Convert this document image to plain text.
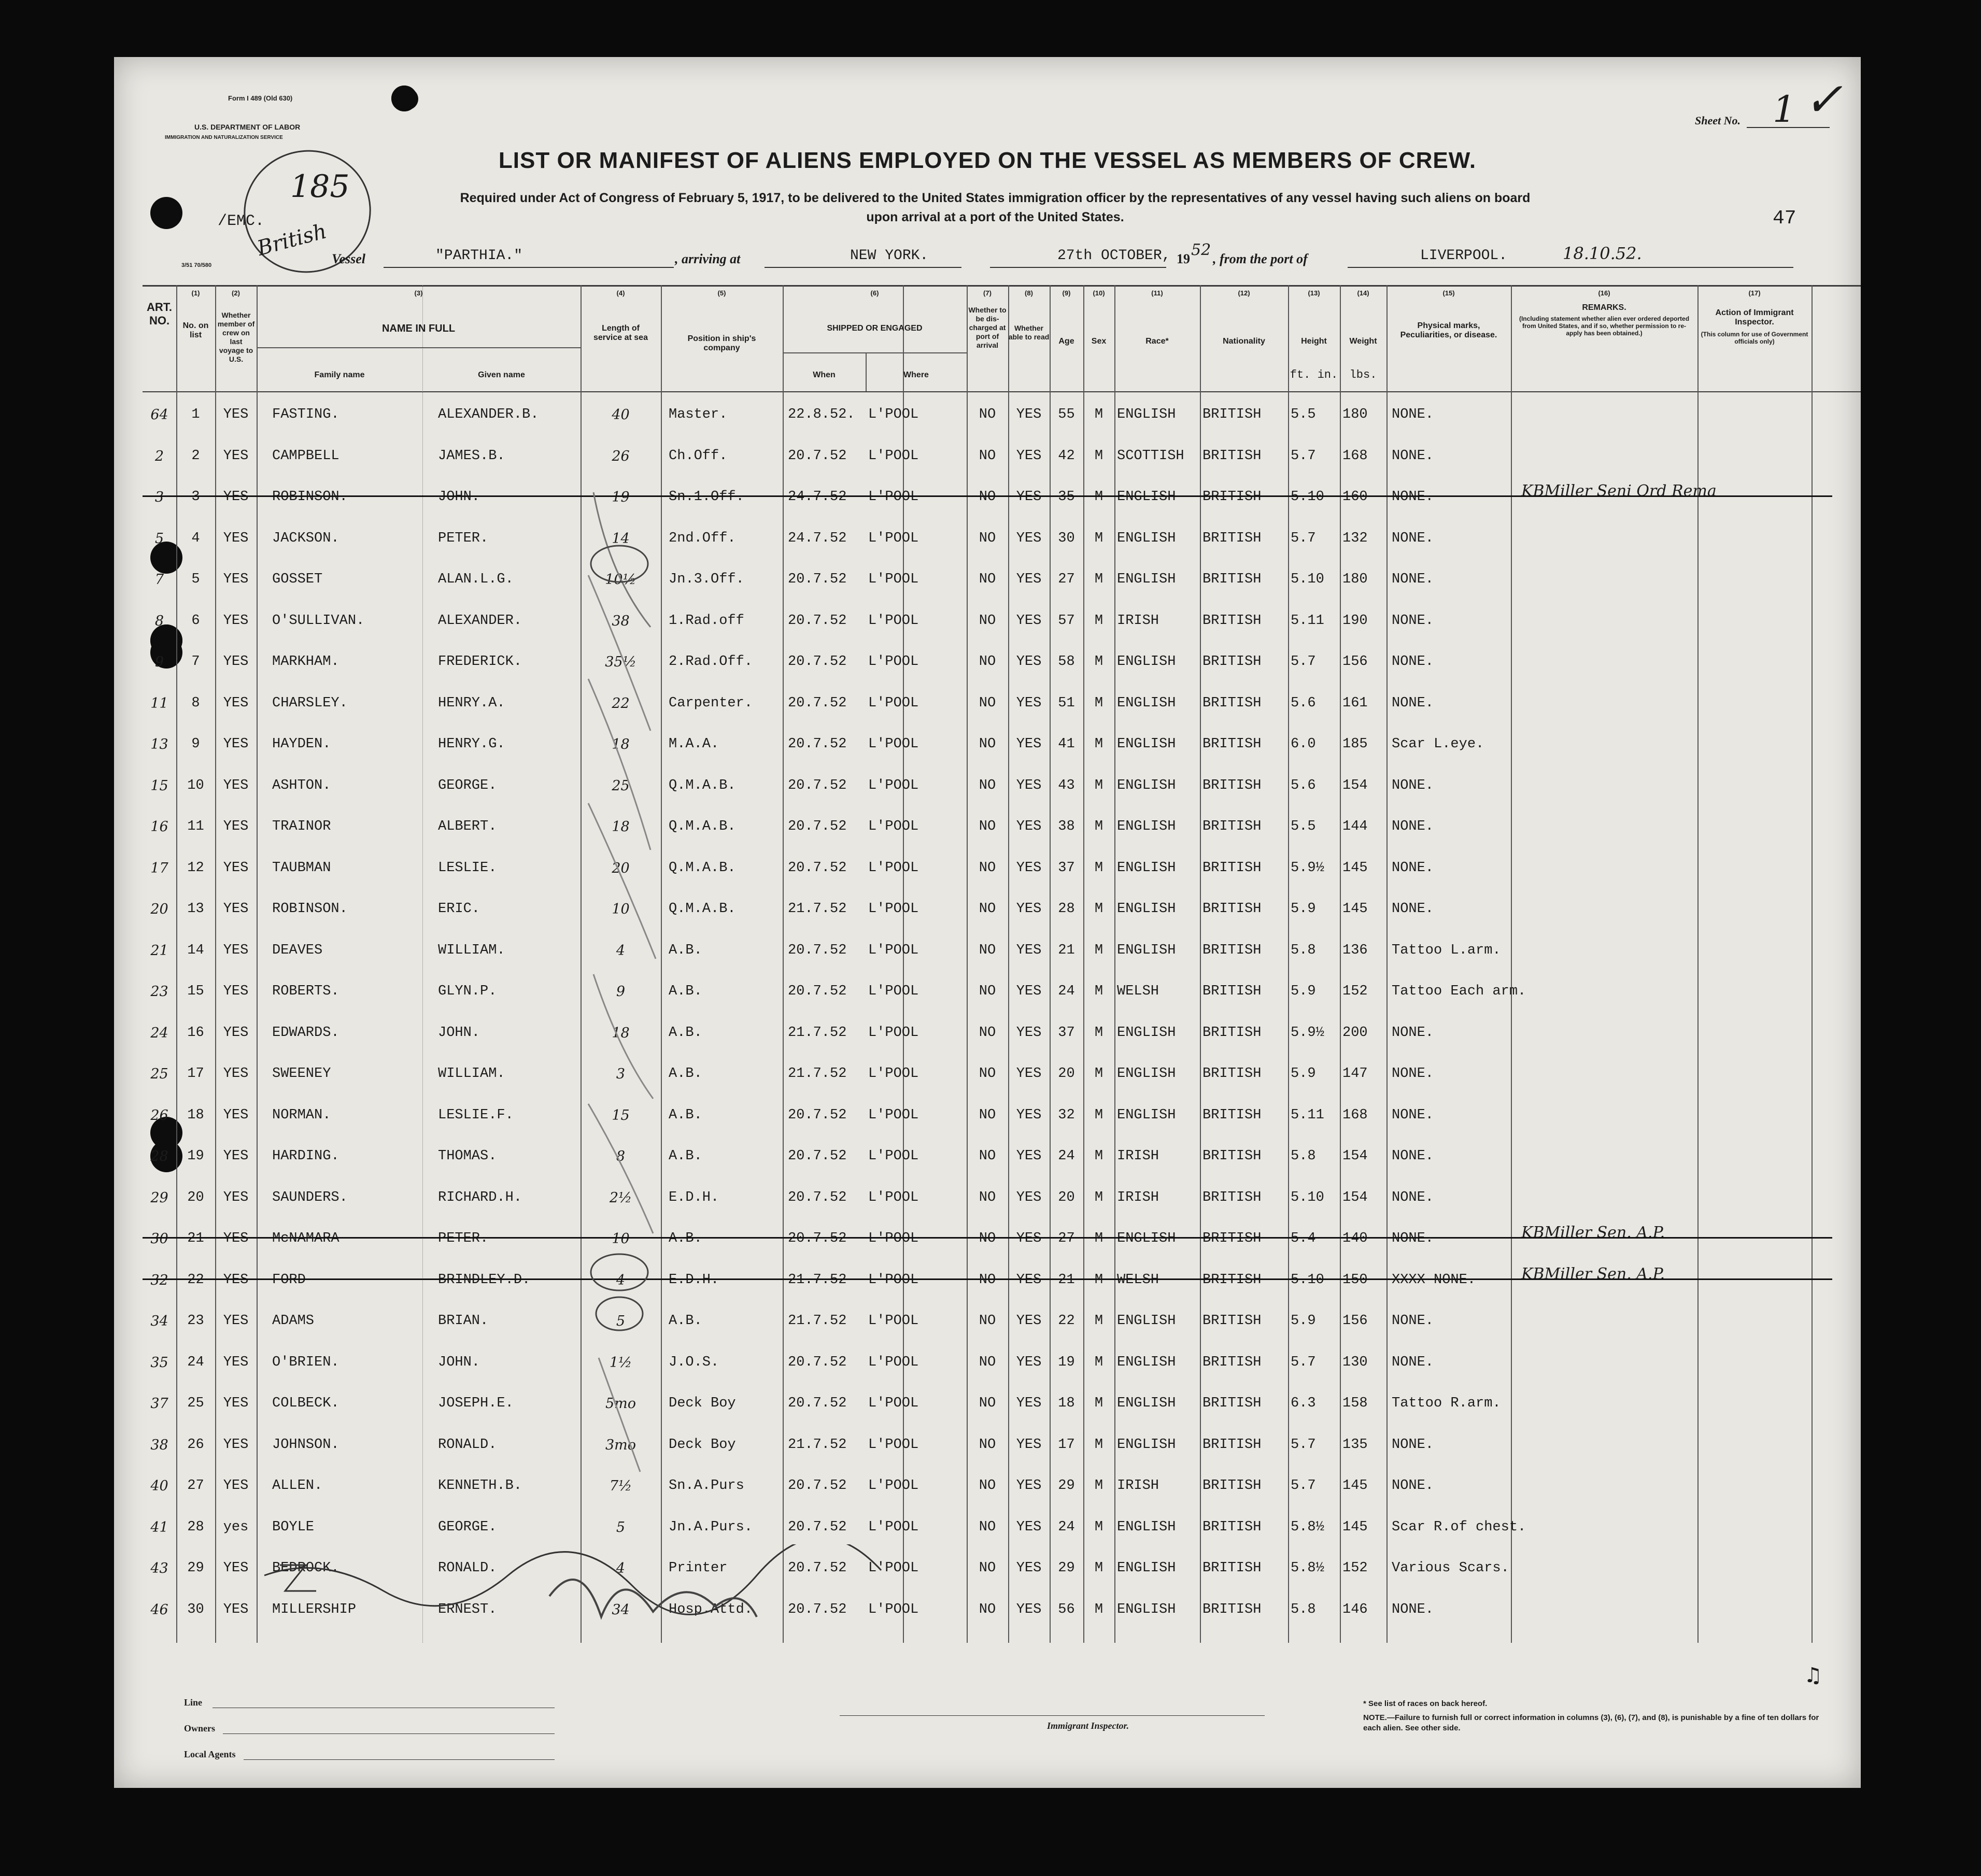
Form I 489 (Old 630)
U.S. DEPARTMENT OF LABOR
IMMIGRATION AND NATURALIZATION SERVICE
3/51 70/580
/EMC.
185
British
Sheet No. 1 ✓
LIST OR MANIFEST OF ALIENS EMPLOYED ON THE VESSEL AS MEMBERS OF CREW.
Required under Act of Congress of February 5, 1917, to be delivered to the United States immigration officer by the representatives of any vessel having such aliens on board
upon arrival at a port of the United States.	47
Vessel	"PARTHIA."	, arriving at	NEW YORK.	27th OCTOBER, 19 52 , from the port of	LIVERPOOL.	18.10.52.
(1)	(2)	(3)	(4)	(5)	(6)	(7)	(8)	(9)	(10)	(11)	(12)	(13)	(14)	(15)	(16)	(17)
ART. NO.	No. on list
Whether member of crew on last voyage to U.S.
NAME IN FULL
Family name	Given name
Length of service at sea	Position in ship's company
SHIPPED OR ENGAGED
When	Where
Whether to be dis-charged at port of arrival
Whether able to read	Age	Sex	Race*	Nationality	Height
ft. in.
Weight
lbs.
Physical marks, Peculiarities, or disease.
REMARKS.
(Including statement whether alien ever ordered deported from United States, and if so, whether permission to re-apply has been obtained.)
Action of Immigrant Inspector.
(This column for use of Government officials only)
64	1	YES	FASTING.	ALEXANDER.B.	40	Master.	22.8.52. L'POOL	NO	YES	55	M ENGLISH	BRITISH	5.5	180	NONE.
2	2	YES	CAMPBELL	JAMES.B.	26	Ch.Off.	20.7.52	L'POOL	NO	YES	42	M SCOTTISH	BRITISH	5.7	168	NONE.
3	3	YES	ROBINSON.	JOHN.	19	Sn.1.Off.	24.7.52	L'POOL	NO	YES	35	M ENGLISH	BRITISH	5.10	160	NONE.	KBMiller Seni Ord Rema
5	4	YES	JACKSON.	PETER.	14	2nd.Off.	24.7.52	L'POOL	NO	YES	30	M ENGLISH	BRITISH	5.7	132	NONE.
7	5	YES	GOSSET	ALAN.L.G.	10½	Jn.3.Off.	20.7.52	L'POOL	NO	YES	27	M ENGLISH	BRITISH	5.10	180	NONE.
8	6	YES	O'SULLIVAN.	ALEXANDER.	38	1.Rad.off	20.7.52	L'POOL	NO	YES	57	M IRISH	BRITISH	5.11	190	NONE.
9	7	YES	MARKHAM.	FREDERICK.	35½	2.Rad.Off.	20.7.52	L'POOL	NO	YES	58	M ENGLISH	BRITISH	5.7	156	NONE.
11	8	YES	CHARSLEY.	HENRY.A.	22	Carpenter.	20.7.52	L'POOL	NO	YES	51	M ENGLISH	BRITISH	5.6	161	NONE.
13	9	YES	HAYDEN.	HENRY.G.	18	M.A.A.	20.7.52	L'POOL	NO	YES	41	M ENGLISH	BRITISH	6.0	185	Scar L.eye.
15	10	YES	ASHTON.	GEORGE.	25	Q.M.A.B.	20.7.52	L'POOL	NO	YES	43	M ENGLISH	BRITISH	5.6	154	NONE.
16	11	YES	TRAINOR	ALBERT.	18	Q.M.A.B.	20.7.52	L'POOL	NO	YES	38	M ENGLISH	BRITISH	5.5	144	NONE.
17	12	YES	TAUBMAN	LESLIE.	20	Q.M.A.B.	20.7.52	L'POOL	NO	YES	37	M ENGLISH	BRITISH	5.9½	145	NONE.
20	13	YES	ROBINSON.	ERIC.	10	Q.M.A.B.	21.7.52	L'POOL	NO	YES	28	M ENGLISH	BRITISH	5.9	145	NONE.
21	14	YES	DEAVES	WILLIAM.	4	A.B.	20.7.52	L'POOL	NO	YES	21	M ENGLISH	BRITISH	5.8	136	Tattoo L.arm.
23	15	YES	ROBERTS.	GLYN.P.	9	A.B.	20.7.52	L'POOL	NO	YES	24	M WELSH	BRITISH	5.9	152	Tattoo Each arm.
24	16	YES	EDWARDS.	JOHN.	18	A.B.	21.7.52	L'POOL	NO	YES	37	M ENGLISH	BRITISH	5.9½	200	NONE.
25	17	YES	SWEENEY	WILLIAM.	3	A.B.	21.7.52	L'POOL	NO	YES	20	M ENGLISH	BRITISH	5.9	147	NONE.
26	18	YES	NORMAN.	LESLIE.F.	15	A.B.	20.7.52	L'POOL	NO	YES	32	M ENGLISH	BRITISH	5.11	168	NONE.
28	19	YES	HARDING.	THOMAS.	8	A.B.	20.7.52	L'POOL	NO	YES	24	M IRISH	BRITISH	5.8	154	NONE.
29	20	YES	SAUNDERS.	RICHARD.H.	2½	E.D.H.	20.7.52	L'POOL	NO	YES	20	M IRISH	BRITISH	5.10	154	NONE.
30	21	YES	McNAMARA	PETER.	10	A.B.	20.7.52	L'POOL	NO	YES	27	M ENGLISH	BRITISH	5.4	140	NONE.	KBMiller Sen. A.P.
32	22	YES	FORD	BRINDLEY.D.	4	E.D.H.	21.7.52	L'POOL	NO	YES	21	M WELSH	BRITISH	5.10	150	XXXX NONE.	KBMiller Sen. A.P.
34	23	YES	ADAMS	BRIAN.	5	A.B.	21.7.52	L'POOL	NO	YES	22	M ENGLISH	BRITISH	5.9	156	NONE.
35	24	YES	O'BRIEN.	JOHN.	1½	J.O.S.	20.7.52	L'POOL	NO	YES	19	M ENGLISH	BRITISH	5.7	130	NONE.
37	25	YES	COLBECK.	JOSEPH.E.	5mo	Deck Boy	20.7.52	L'POOL	NO	YES	18	M ENGLISH	BRITISH	6.3	158	Tattoo R.arm.
38	26	YES	JOHNSON.	RONALD.	3mo	Deck Boy	21.7.52	L'POOL	NO	YES	17	M ENGLISH	BRITISH	5.7	135	NONE.
40	27	YES	ALLEN.	KENNETH.B.	7½	Sn.A.Purs	20.7.52	L'POOL	NO	YES	29	M IRISH	BRITISH	5.7	145	NONE.
41	28	yes	BOYLE	GEORGE.	5	Jn.A.Purs.	20.7.52	L'POOL	NO	YES	24	M ENGLISH	BRITISH	5.8½	145	Scar R.of chest.
43	29	YES	BEDROCK.	RONALD.	4	Printer	20.7.52	L'POOL	NO	YES	29	M ENGLISH	BRITISH	5.8½	152	Various Scars.
46	30	YES	MILLERSHIP	ERNEST.	34	Hosp.Attd.	20.7.52	L'POOL	NO	YES	56	M ENGLISH	BRITISH	5.8	146	NONE.
Line
Owners
Local Agents
Immigrant Inspector.
* See list of races on back hereof.
NOTE.—Failure to furnish full or correct information in columns (3), (6), (7), and (8), is punishable by a fine of ten dollars for each alien. See other side.
♫
